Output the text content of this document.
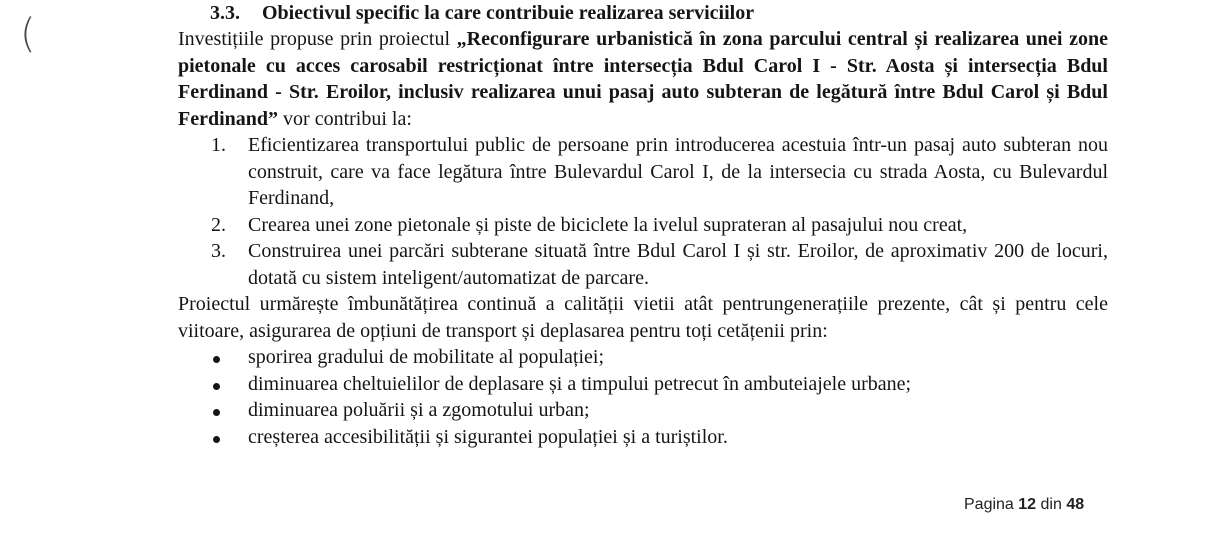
(	3.3. Obiectivul specific la care contribuie realizarea serviciilor

Investițiile propuse prin proiectul „Reconfigurare urbanistică în zona parcului central și realizarea unei zone pietonale cu acces carosabil restricționat între intersecția Bdul Carol I - Str. Aosta și intersecția Bdul Ferdinand - Str. Eroilor, inclusiv realizarea unui pasaj auto subteran de legătură între Bdul Carol și Bdul Ferdinand” vor contribui la:

1. Eficientizarea transportului public de persoane prin introducerea acestuia într-un pasaj auto subteran nou construit, care va face legătura între Bulevardul Carol I, de la intersecia cu strada Aosta, cu Bulevardul Ferdinand,
2. Crearea unei zone pietonale și piste de biciclete la ivelul suprateran al pasajului nou creat,
3. Construirea unei parcări subterane situată între Bdul Carol I și str. Eroilor, de aproximativ 200 de locuri, dotată cu sistem inteligent/automatizat de parcare.

Proiectul urmărește îmbunătățirea continuă a calității vietii atât pentrungenerațiile prezente, cât și pentru cele viitoare, asigurarea de opțiuni de transport și deplasarea pentru toți cetățenii prin:

sporirea gradului de mobilitate al populației;
diminuarea cheltuielilor de deplasare și a timpului petrecut în ambuteiajele urbane;
diminuarea poluării și a zgomotului urban;
creșterea accesibilității și sigurantei populației și a turiștilor.
Pagina 12 din 48
